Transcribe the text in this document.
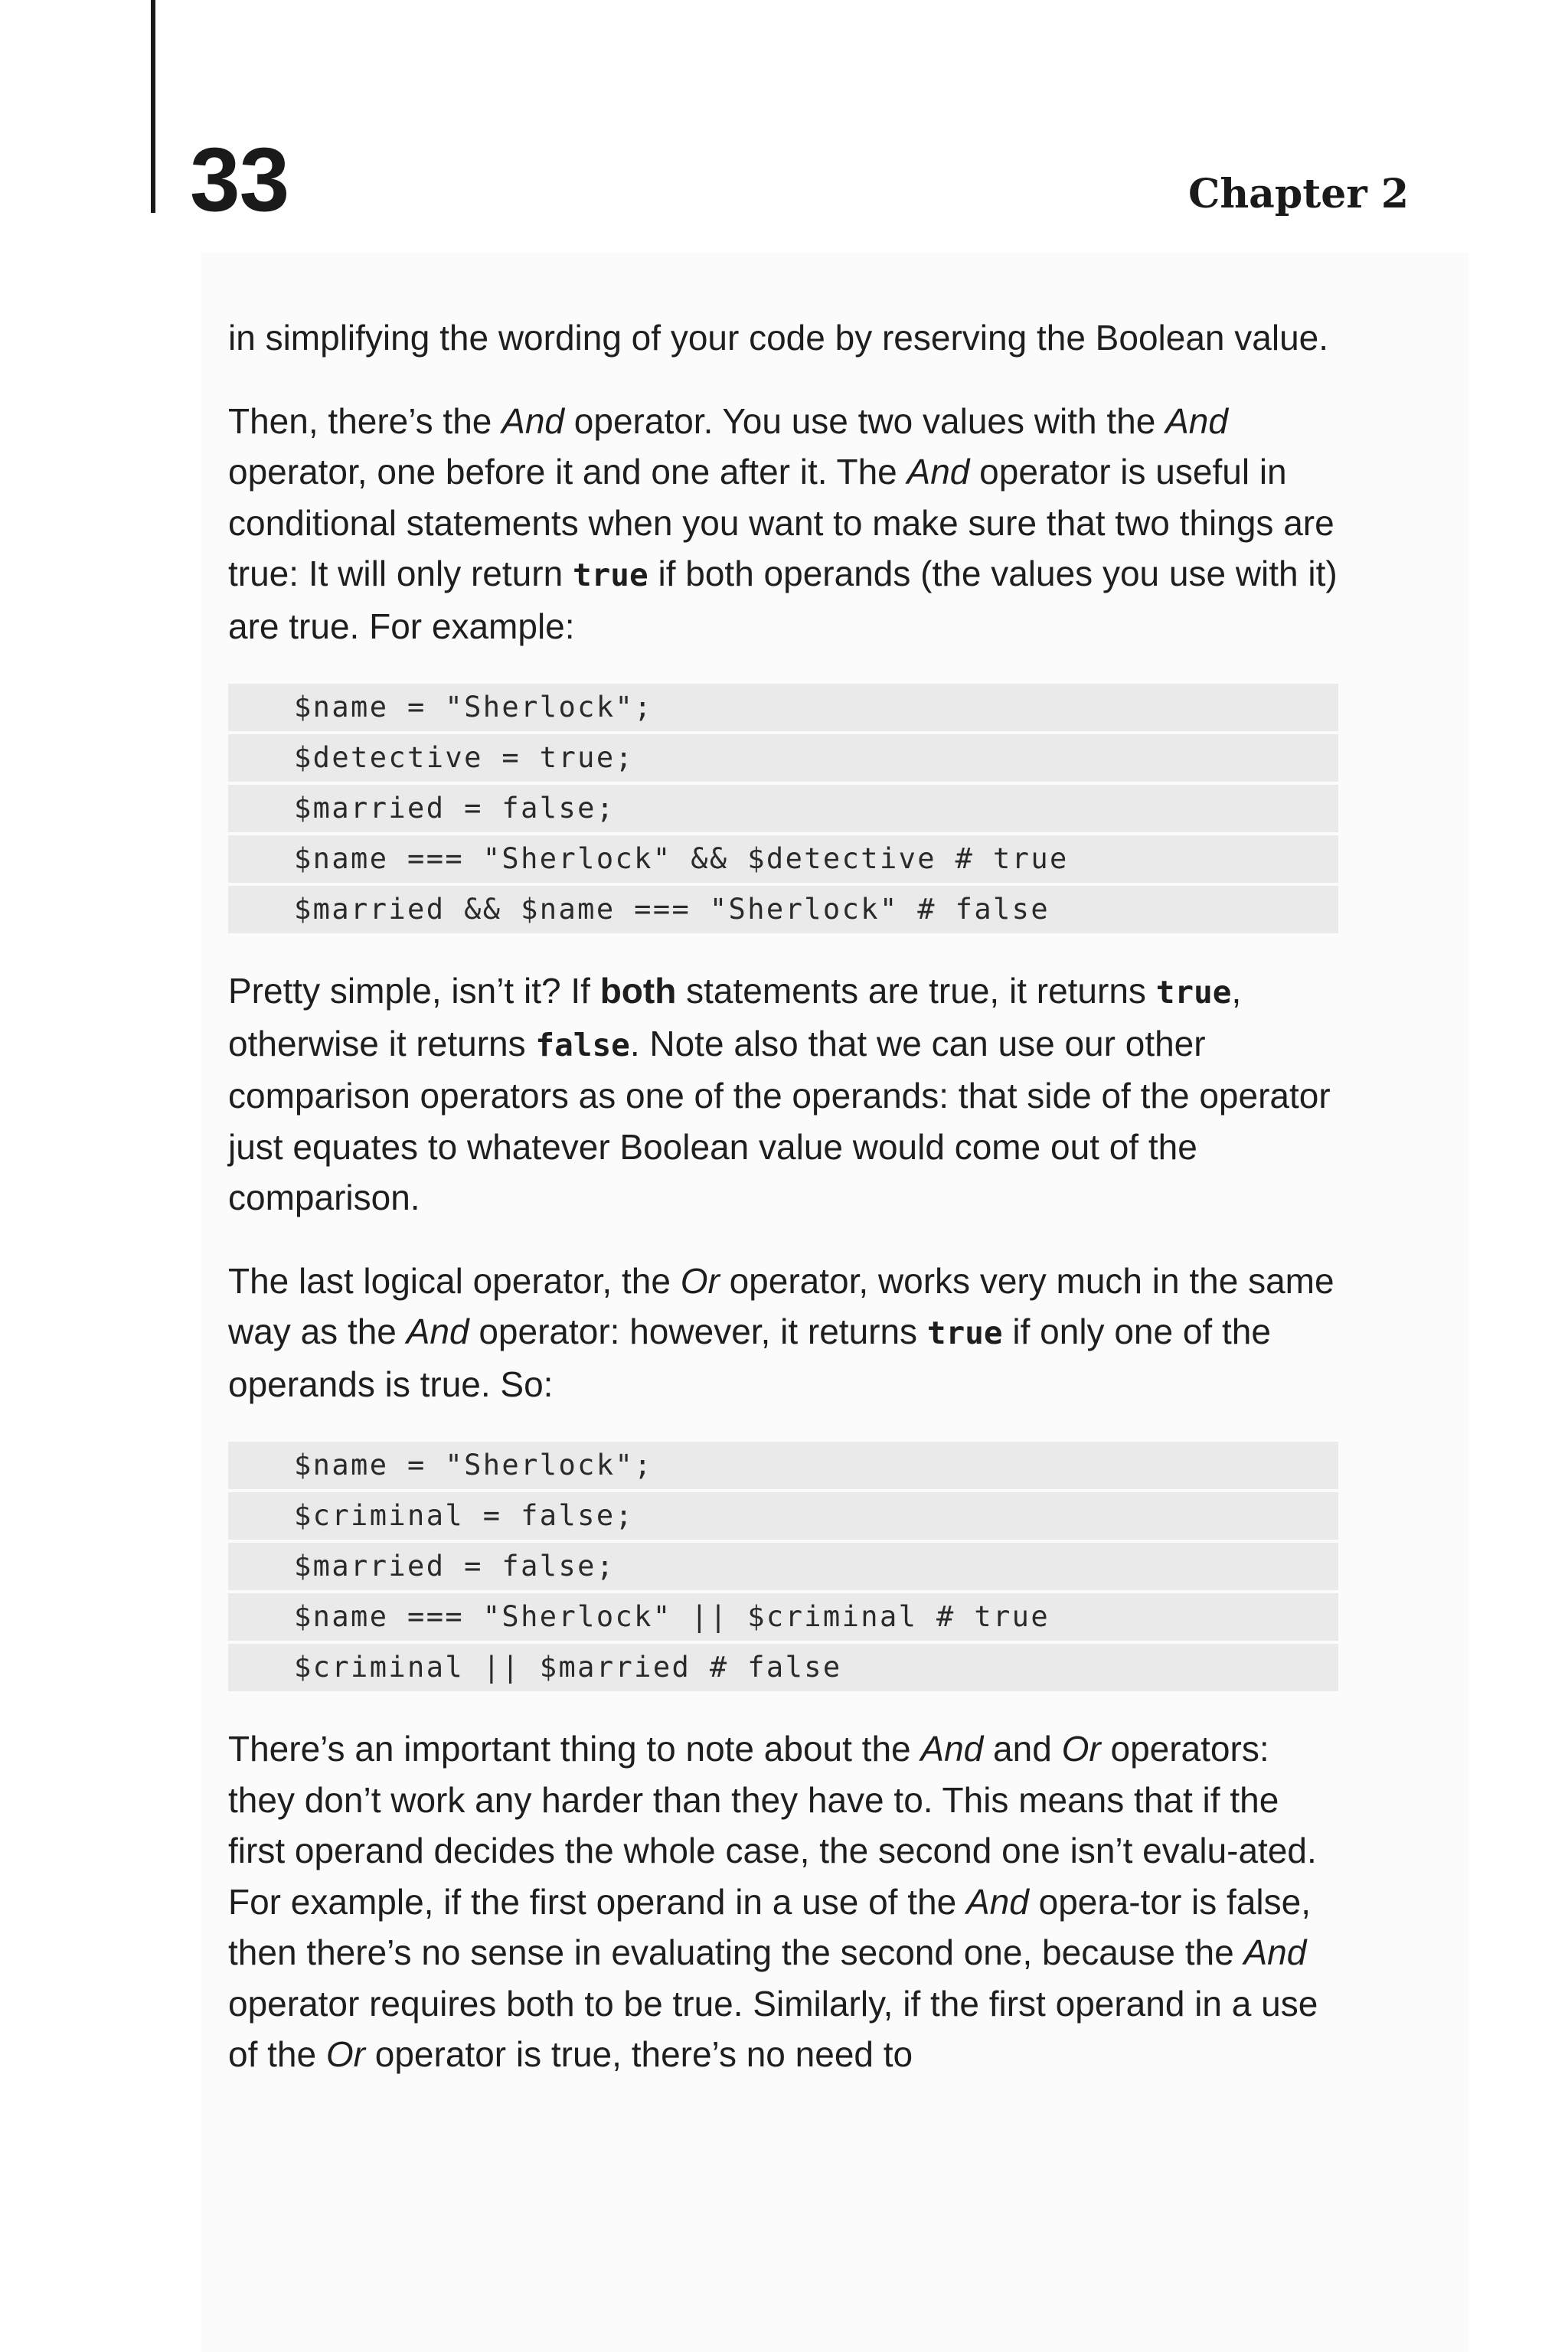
33	Chapter 2

in simplifying the wording of your code by reserving the Boolean value.

Then, there’s the And operator. You use two values with the And operator, one before it and one after it. The And operator is useful in conditional statements when you want to make sure that two things are true: It will only return true if both operands (the values you use with it) are true. For example:

$name = "Sherlock";
$detective = true;
$married = false;
$name === "Sherlock" && $detective # true
$married && $name === "Sherlock" # false

Pretty simple, isn’t it? If both statements are true, it returns true, otherwise it returns false. Note also that we can use our other comparison operators as one of the operands: that side of the operator just equates to whatever Boolean value would come out of the comparison.

The last logical operator, the Or operator, works very much in the same way as the And operator: however, it returns true if only one of the operands is true. So:

$name = "Sherlock";
$criminal = false;
$married = false;
$name === "Sherlock" || $criminal # true
$criminal || $married # false

There’s an important thing to note about the And and Or operators: they don’t work any harder than they have to. This means that if the first operand decides the whole case, the second one isn’t evalu-ated. For example, if the first operand in a use of the And opera-tor is false, then there’s no sense in evaluating the second one, because the And operator requires both to be true. Similarly, if the first operand in a use of the Or operator is true, there’s no need to
